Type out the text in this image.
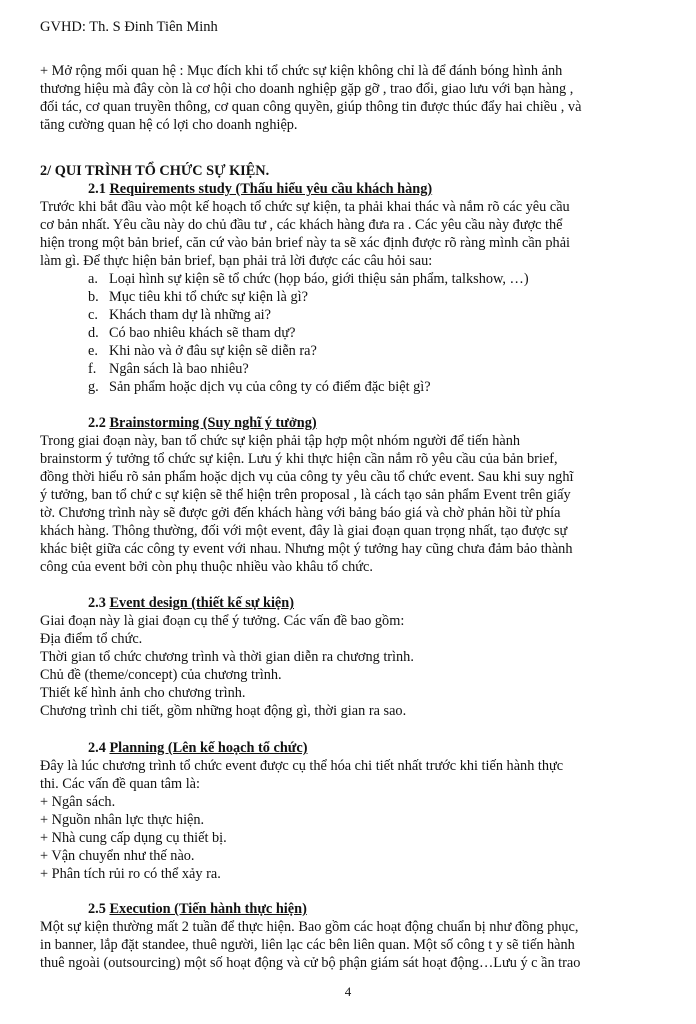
GVHD: Th. S Đinh Tiên Minh
+ Mở rộng mối quan hệ : Mục đích khi tổ chức sự kiện không chỉ là để đánh bóng hình ảnh
thương hiệu mà đây còn là cơ hội cho doanh nghiệp gặp gỡ , trao đổi, giao lưu với bạn hàng ,
đối tác, cơ quan truyền thông, cơ quan công quyền, giúp thông tin được thúc đẩy hai chiều , và
tăng cường quan hệ có lợi cho doanh nghiệp.
2/ QUI TRÌNH TỔ CHỨC SỰ KIỆN.
2.1 Requirements study (Thấu hiểu yêu cầu khách hàng)
Trước khi bắt đầu vào một kế hoạch tổ chức sự kiện, ta phải khai thác và nắm rõ các yêu cầu
cơ bản nhất. Yêu cầu này do chủ đầu tư , các khách hàng đưa ra . Các yêu cầu này được thể
hiện trong một bản brief, căn cứ vào bản brief này ta sẽ xác định được rõ ràng mình cần phải
làm gì. Để thực hiện bản brief, bạn phải trả lời được các câu hỏi sau:
a. Loại hình sự kiện sẽ tổ chức (họp báo, giới thiệu sản phẩm, talkshow, …)
b. Mục tiêu khi tổ chức sự kiện là gì?
c. Khách tham dự là những ai?
d. Có bao nhiêu khách sẽ tham dự?
e. Khi nào và ở đâu sự kiện sẽ diễn ra?
f. Ngân sách là bao nhiêu?
g. Sản phẩm hoặc dịch vụ của công ty có điểm đặc biệt gì?
2.2 Brainstorming (Suy nghĩ ý tưởng)
Trong giai đoạn này, ban tổ chức sự kiện phải tập hợp một nhóm người để tiến hành
brainstorm ý tưởng tổ chức sự kiện. Lưu ý khi thực hiện cần nắm rõ yêu cầu của bản brief,
đồng thời hiểu rõ sản phẩm hoặc dịch vụ của công ty yêu cầu tổ chức event. Sau khi suy nghĩ
ý tưởng, ban tổ chứ c sự kiện sẽ thể hiện trên proposal , là cách tạo sản phẩm Event trên giấy
tờ. Chương trình này sẽ được gởi đến khách hàng với bảng báo giá và chờ phản hồi từ phía
khách hàng. Thông thường, đối với một event, đây là giai đoạn quan trọng nhất, tạo được sự
khác biệt giữa các công ty event với nhau. Nhưng một ý tưởng hay cũng chưa đảm bảo thành
công của event bởi còn phụ thuộc nhiều vào khâu tổ chức.
2.3 Event design (thiết kế sự kiện)
Giai đoạn này là giai đoạn cụ thể ý tưởng. Các vấn đề bao gồm:
Địa điểm tổ chức.
Thời gian tổ chức chương trình và thời gian diễn ra chương trình.
Chủ đề (theme/concept) của chương trình.
Thiết kế hình ảnh cho chương trình.
Chương trình chi tiết, gồm những hoạt động gì, thời gian ra sao.
2.4 Planning (Lên kế hoạch tổ chức)
Đây là lúc chương trình tổ chức event được cụ thể hóa chi tiết nhất trước khi tiến hành thực
thi. Các vấn đề quan tâm là:
+ Ngân sách.
+ Nguồn nhân lực thực hiện.
+ Nhà cung cấp dụng cụ thiết bị.
+ Vận chuyển như thế nào.
+ Phân tích rủi ro có thể xảy ra.
2.5 Execution (Tiến hành thực hiện)
Một sự kiện thường mất 2 tuần để thực hiện. Bao gồm các hoạt động chuẩn bị như đồng phục,
in banner, lắp đặt standee, thuê người, liên lạc các bên liên quan. Một số công t y sẽ tiến hành
thuê ngoài (outsourcing) một số hoạt động và cử bộ phận giám sát hoạt động…Lưu ý c ần trao
4
